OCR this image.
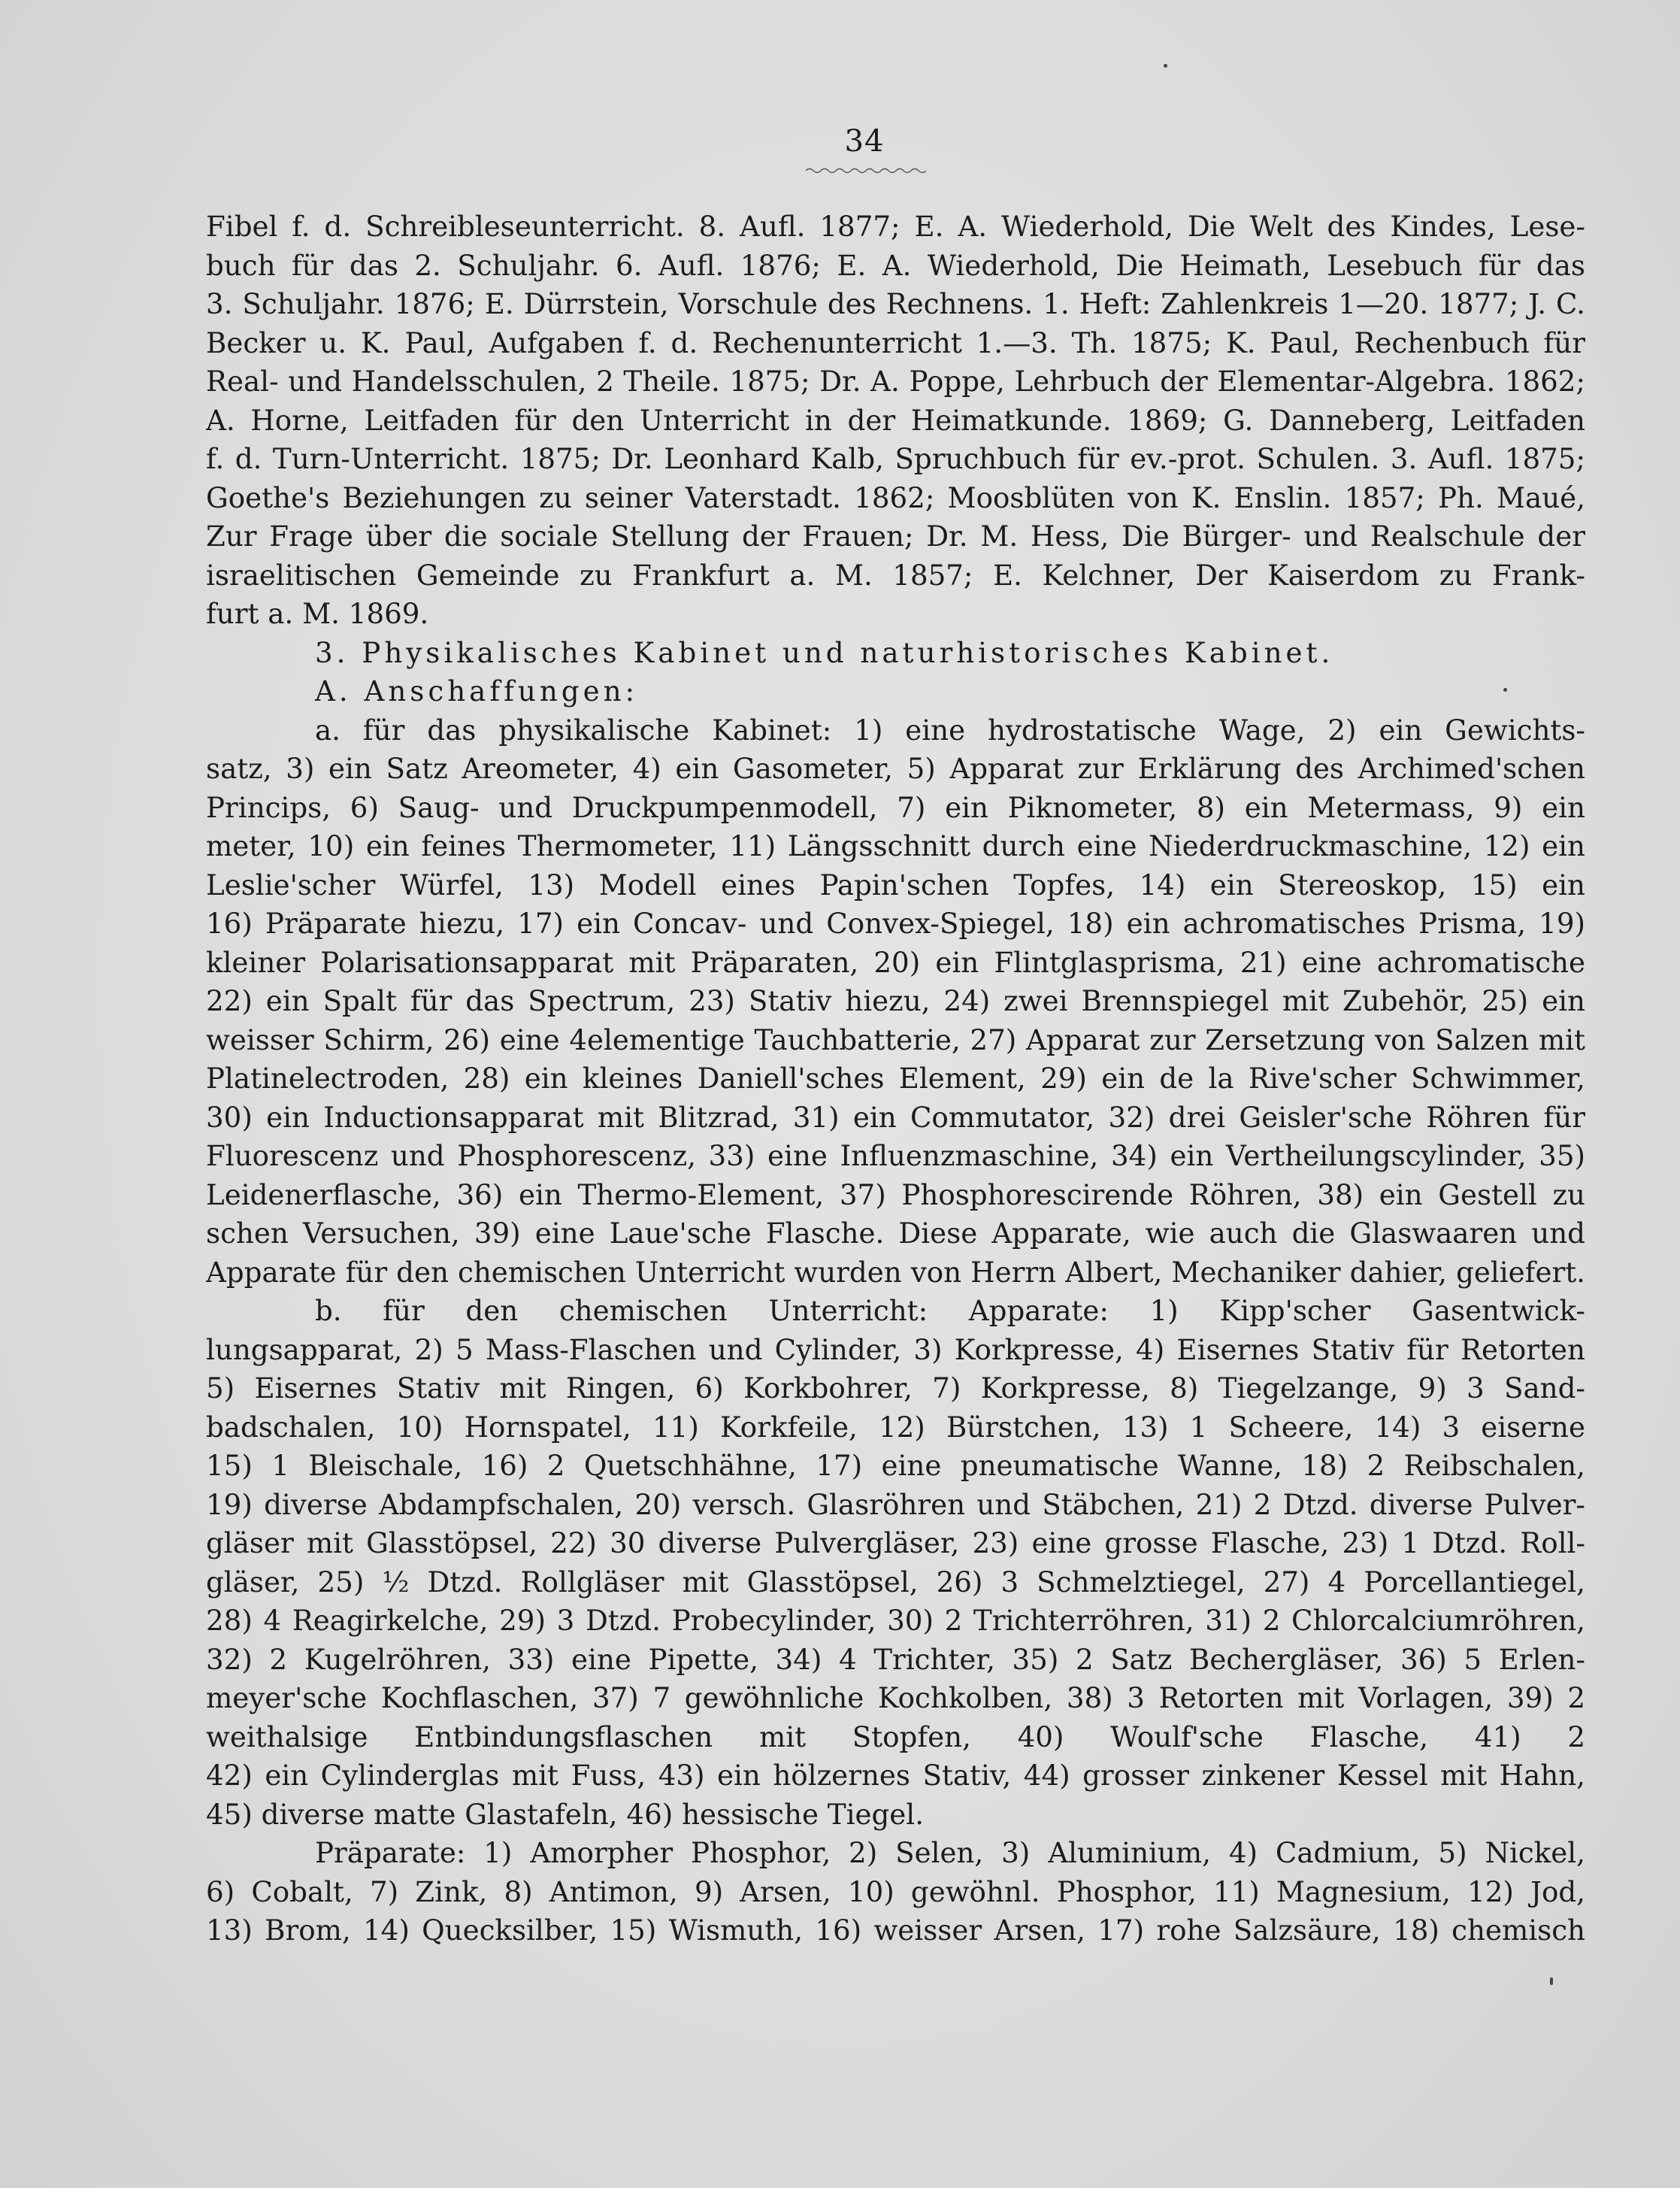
34
Fibel f. d. Schreibleseunterricht. 8. Aufl. 1877; E. A. Wiederhold, Die Welt des Kindes, Lese-
buch für das 2. Schuljahr. 6. Aufl. 1876; E. A. Wiederhold, Die Heimath, Lesebuch für das
3. Schuljahr. 1876; E. Dürrstein, Vorschule des Rechnens. 1. Heft: Zahlenkreis 1—20. 1877; J. C.
Becker u. K. Paul, Aufgaben f. d. Rechenunterricht 1.—3. Th. 1875; K. Paul, Rechenbuch für
Real- und Handelsschulen, 2 Theile. 1875; Dr. A. Poppe, Lehrbuch der Elementar-Algebra. 1862;
A. Horne, Leitfaden für den Unterricht in der Heimatkunde. 1869; G. Danneberg, Leitfaden
f. d. Turn-Unterricht. 1875; Dr. Leonhard Kalb, Spruchbuch für ev.-prot. Schulen. 3. Aufl. 1875;
Goethe's Beziehungen zu seiner Vaterstadt. 1862; Moosblüten von K. Enslin. 1857; Ph. Maué,
Zur Frage über die sociale Stellung der Frauen; Dr. M. Hess, Die Bürger- und Realschule der
israelitischen Gemeinde zu Frankfurt a. M. 1857; E. Kelchner, Der Kaiserdom zu Frank-
furt a. M. 1869.
3. Physikalisches Kabinet und naturhistorisches Kabinet.
A. Anschaffungen:
a. für das physikalische Kabinet: 1) eine hydrostatische Wage, 2) ein Gewichts-
satz, 3) ein Satz Areometer, 4) ein Gasometer, 5) Apparat zur Erklärung des Archimed'schen
Princips, 6) Saug- und Druckpumpenmodell, 7) ein Piknometer, 8) ein Metermass, 9) ein
meter, 10) ein feines Thermometer, 11) Längsschnitt durch eine Niederdruckmaschine, 12) ein
Leslie'scher Würfel, 13) Modell eines Papin'schen Topfes, 14) ein Stereoskop, 15) ein
16) Präparate hiezu, 17) ein Concav- und Convex-Spiegel, 18) ein achromatisches Prisma, 19)
kleiner Polarisationsapparat mit Präparaten, 20) ein Flintglasprisma, 21) eine achromatische
22) ein Spalt für das Spectrum, 23) Stativ hiezu, 24) zwei Brennspiegel mit Zubehör, 25) ein
weisser Schirm, 26) eine 4elementige Tauchbatterie, 27) Apparat zur Zersetzung von Salzen mit
Platinelectroden, 28) ein kleines Daniell'sches Element, 29) ein de la Rive'scher Schwimmer,
30) ein Inductionsapparat mit Blitzrad, 31) ein Commutator, 32) drei Geisler'sche Röhren für
Fluorescenz und Phosphorescenz, 33) eine Influenzmaschine, 34) ein Vertheilungscylinder, 35)
Leidenerflasche, 36) ein Thermo-Element, 37) Phosphorescirende Röhren, 38) ein Gestell zu
schen Versuchen, 39) eine Laue'sche Flasche. Diese Apparate, wie auch die Glaswaaren und
Apparate für den chemischen Unterricht wurden von Herrn Albert, Mechaniker dahier, geliefert.
b. für den chemischen Unterricht: Apparate: 1) Kipp'scher Gasentwick-
lungsapparat, 2) 5 Mass-Flaschen und Cylinder, 3) Korkpresse, 4) Eisernes Stativ für Retorten
5) Eisernes Stativ mit Ringen, 6) Korkbohrer, 7) Korkpresse, 8) Tiegelzange, 9) 3 Sand-
badschalen, 10) Hornspatel, 11) Korkfeile, 12) Bürstchen, 13) 1 Scheere, 14) 3 eiserne
15) 1 Bleischale, 16) 2 Quetschhähne, 17) eine pneumatische Wanne, 18) 2 Reibschalen,
19) diverse Abdampfschalen, 20) versch. Glasröhren und Stäbchen, 21) 2 Dtzd. diverse Pulver-
gläser mit Glasstöpsel, 22) 30 diverse Pulvergläser, 23) eine grosse Flasche, 23) 1 Dtzd. Roll-
gläser, 25) ½ Dtzd. Rollgläser mit Glasstöpsel, 26) 3 Schmelztiegel, 27) 4 Porcellantiegel,
28) 4 Reagirkelche, 29) 3 Dtzd. Probecylinder, 30) 2 Trichterröhren, 31) 2 Chlorcalciumröhren,
32) 2 Kugelröhren, 33) eine Pipette, 34) 4 Trichter, 35) 2 Satz Bechergläser, 36) 5 Erlen-
meyer'sche Kochflaschen, 37) 7 gewöhnliche Kochkolben, 38) 3 Retorten mit Vorlagen, 39) 2
weithalsige Entbindungsflaschen mit Stopfen, 40) Woulf'sche Flasche, 41) 2
42) ein Cylinderglas mit Fuss, 43) ein hölzernes Stativ, 44) grosser zinkener Kessel mit Hahn,
45) diverse matte Glastafeln, 46) hessische Tiegel.
Präparate: 1) Amorpher Phosphor, 2) Selen, 3) Aluminium, 4) Cadmium, 5) Nickel,
6) Cobalt, 7) Zink, 8) Antimon, 9) Arsen, 10) gewöhnl. Phosphor, 11) Magnesium, 12) Jod,
13) Brom, 14) Quecksilber, 15) Wismuth, 16) weisser Arsen, 17) rohe Salzsäure, 18) chemisch
